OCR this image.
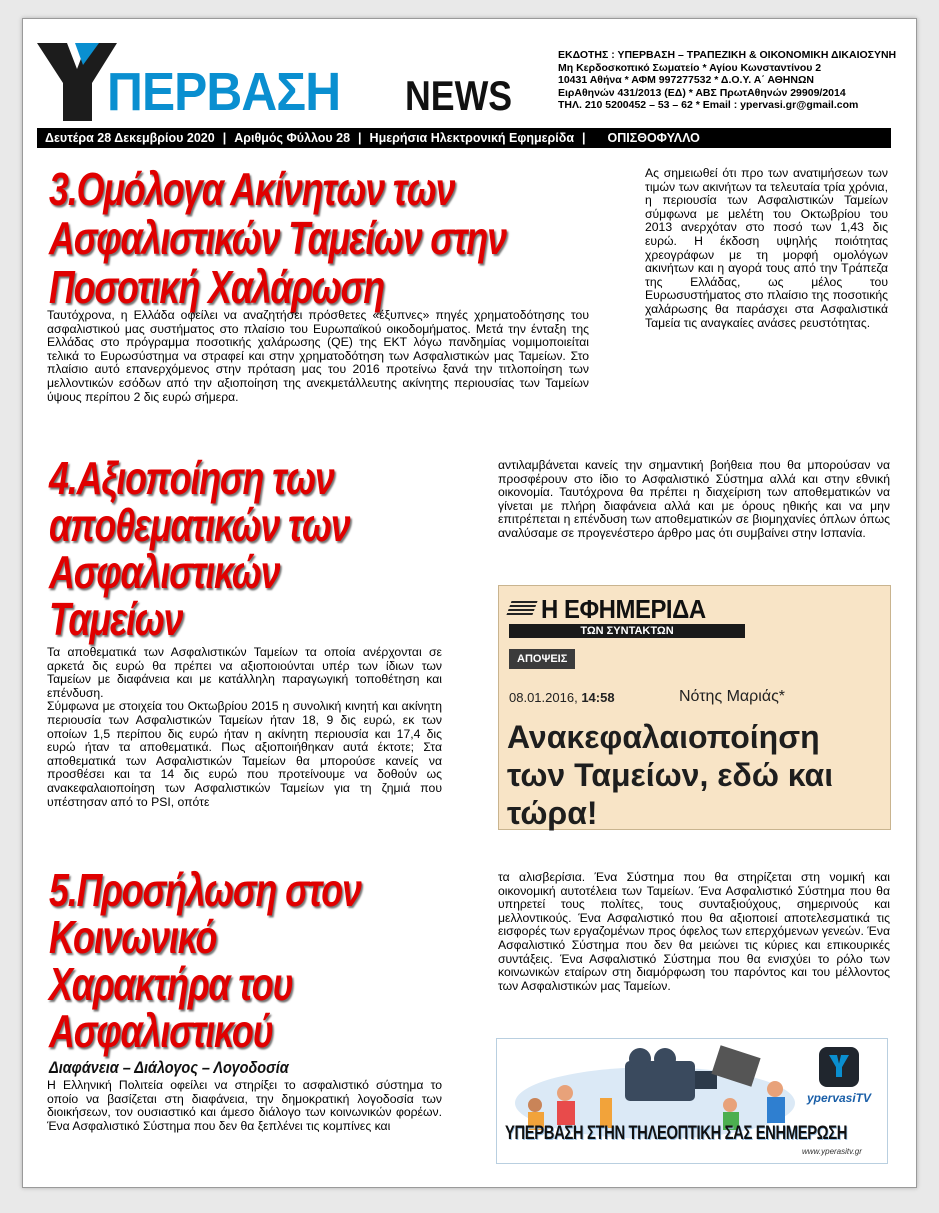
ΠΕΡΒΑΣΗ NEWS
ΕΚΔΟΤΗΣ : ΥΠΕΡΒΑΣΗ – ΤΡΑΠΕΖΙΚΗ & ΟΙΚΟΝΟΜΙΚΗ ΔΙΚΑΙΟΣΥΝΗ
Μη Κερδοσκοπικό Σωματείο * Αγίου Κωνσταντίνου 2
10431 Αθήνα * ΑΦΜ 997277532 * Δ.Ο.Υ. Α΄ ΑΘΗΝΩΝ
ΕιρΑθηνών 431/2013 (ΕΔ) * ΑΒΣ ΠρωτΑθηνών 29909/2014
ΤΗΛ. 210 5200452 – 53 – 62 * Email : ypervasi.gr@gmail.com
Δευτέρα 28 Δεκεμβρίου 2020 | Αριθμός Φύλλου 28 | Ημερήσια Ηλεκτρονική Εφημερίδα | ΟΠΙΣΘΟΦΥΛΛΟ
3.Ομόλογα Ακίνητων των
Ασφαλιστικών Ταμείων στην
Ποσοτική Χαλάρωση
Ταυτόχρονα, η Ελλάδα οφείλει να αναζητήσει πρόσθετες «έξυπνες» πηγές χρηματοδότησης του ασφαλιστικού μας συστήματος στο πλαίσιο του Ευρωπαϊκού οικοδομήματος. Μετά την ένταξη της Ελλάδας στο πρόγραμμα ποσοτικής χαλάρωσης (QE) της ΕΚΤ λόγω πανδημίας νομιμοποιείται τελικά το Ευρωσύστημα να στραφεί και στην χρηματοδότηση των Ασφαλιστικών μας Ταμείων. Στο πλαίσιο αυτό επανερχόμενος στην πρόταση μας του 2016 προτείνω ξανά την τιτλοποίηση των μελλοντικών εσόδων από την αξιοποίηση της ανεκμετάλλευτης ακίνητης περιουσίας των Ταμείων ύψους περίπου 2 δις ευρώ σήμερα.
Ας σημειωθεί ότι προ των ανατιμήσεων των τιμών των ακινήτων τα τελευταία τρία χρόνια, η περιουσία των Ασφαλιστικών Ταμείων σύμφωνα με μελέτη του Οκτωβρίου του 2013 ανερχόταν στο ποσό των 1,43 δις ευρώ. Η έκδοση υψηλής ποιότητας χρεογράφων με τη μορφή ομολόγων ακινήτων και η αγορά τους από την Τράπεζα της Ελλάδας, ως μέλος του Ευρωσυστήματος στο πλαίσιο της ποσοτικής χαλάρωσης θα παράσχει στα Ασφαλιστικά Ταμεία τις αναγκαίες ανάσες ρευστότητας.
4.Αξιοποίηση των
αποθεματικών των
Ασφαλιστικών
Ταμείων

Τα αποθεματικά των Ασφαλιστικών Ταμείων τα οποία ανέρχονται σε αρκετά δις ευρώ θα πρέπει να αξιοποιούνται υπέρ των ίδιων των Ταμείων με διαφάνεια και με κατάλληλη παραγωγική τοποθέτηση και επένδυση.

Σύμφωνα με στοιχεία του Οκτωβρίου 2015 η συνολική κινητή και ακίνητη περιουσία των Ασφαλιστικών Ταμείων ήταν 18, 9 δις ευρώ, εκ των οποίων 1,5 περίπου δις ευρώ ήταν η ακίνητη περιουσία και 17,4 δις ευρώ ήταν τα αποθεματικά. Πως αξιοποιήθηκαν αυτά έκτοτε; Στα αποθεματικά των Ασφαλιστικών Ταμείων θα μπορούσε κανείς να προσθέσει και τα 14 δις ευρώ που προτείνουμε να δοθούν ως ανακεφαλαιοποίηση των Ασφαλιστικών Ταμείων για τη ζημιά που υπέστησαν από το PSI, οπότε

αντιλαμβάνεται κανείς την σημαντική βοήθεια που θα μπορούσαν να προσφέρουν στο ίδιο το Ασφαλιστικό Σύστημα αλλά και στην εθνική οικονομία. Ταυτόχρονα θα πρέπει η διαχείριση των αποθεματικών να γίνεται με πλήρη διαφάνεια αλλά και με όρους ηθικής και να μην επιτρέπεται η επένδυση των αποθεματικών σε βιομηχανίες όπλων όπως αναλύσαμε σε προγενέστερο άρθρο μας ότι συμβαίνει στην Ισπανία.
Η ΕΦΗΜΕΡΙΔΑ
ΤΩΝ ΣΥΝΤΑΚΤΩΝ
ΑΠΟΨΕΙΣ
08.01.2016, 14:58	Νότης Μαριάς*
Ανακεφαλαιοποίηση των Ταμείων, εδώ και τώρα!
5.Προσήλωση στον
Κοινωνικό
Χαρακτήρα του
Ασφαλιστικού
Διαφάνεια – Διάλογος – Λογοδοσία
Η Ελληνική Πολιτεία οφείλει να στηρίξει το ασφαλιστικό σύστημα το οποίο να βασίζεται στη διαφάνεια, την δημοκρατική λογοδοσία των διοικήσεων, τον ουσιαστικό και άμεσο διάλογο των κοινωνικών φορέων. Ένα Ασφαλιστικό Σύστημα που δεν θα ξεπλένει τις κομπίνες και
τα αλισβερίσια. Ένα Σύστημα που θα στηρίζεται στη νομική και οικονομική αυτοτέλεια των Ταμείων. Ένα Ασφαλιστικό Σύστημα που θα υπηρετεί τους πολίτες, τους συνταξιούχους, σημερινούς και μελλοντικούς. Ένα Ασφαλιστικό που θα αξιοποιεί αποτελεσματικά τις εισφορές των εργαζομένων προς όφελος των επερχόμενων γενεών. Ένα Ασφαλιστικό Σύστημα που δεν θα μειώνει τις κύριες και επικουρικές συντάξεις. Ένα Ασφαλιστικό Σύστημα που θα ενισχύει το ρόλο των κοινωνικών εταίρων στη διαμόρφωση του παρόντος και του μέλλοντος των Ασφαλιστικών μας Ταμείων.
ypervasiTV
ΥΠΕΡΒΑΣΗ ΣΤΗΝ ΤΗΛΕΟΠΤΙΚΗ ΣΑΣ ΕΝΗΜΕΡΩΣΗ
www.yperasitv.gr
